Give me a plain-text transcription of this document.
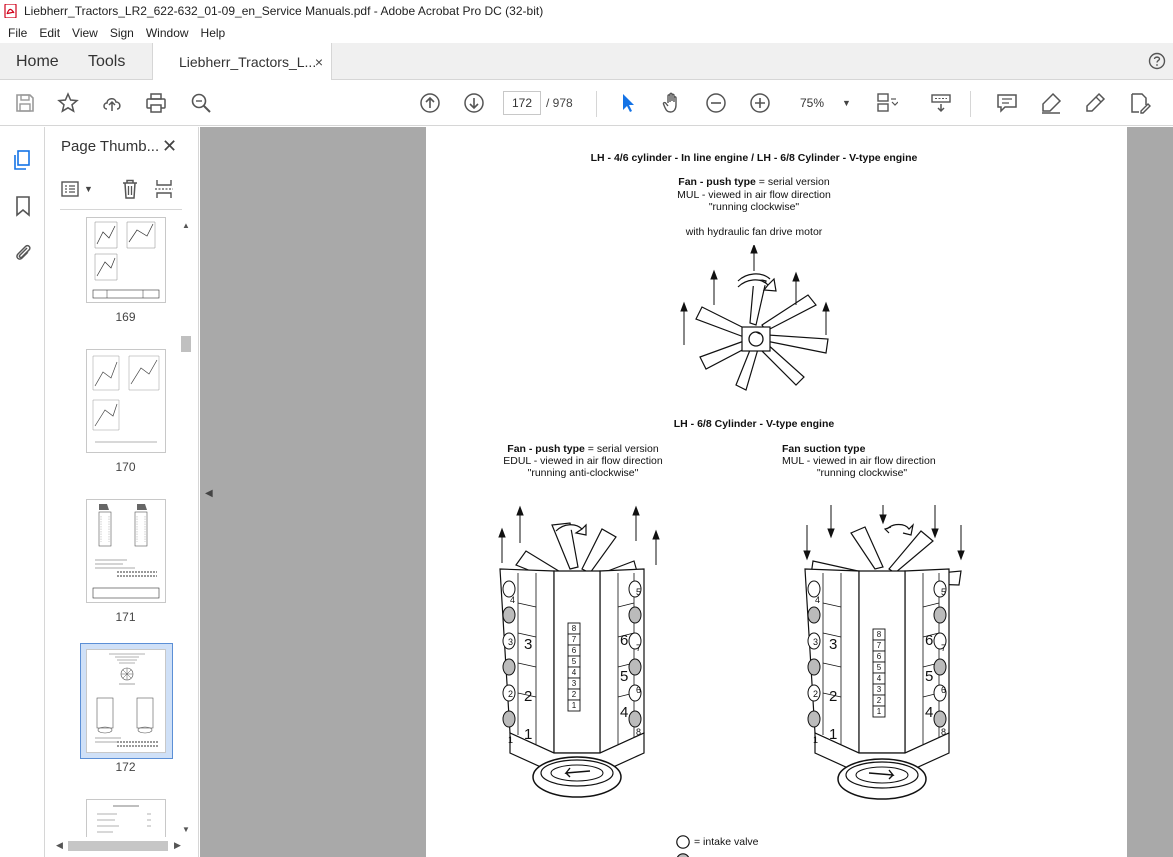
Liebherr_Tractors_LR2_622-632_01-09_en_Service Manuals.pdf - Adobe Acrobat Pro DC (32-bit)
File	Edit	View	Sign	Window	Help
Home Tools	Liebherr_Tractors_L...
×
172
/ 978	75% ▼
Page Thumb... ✕
▼
169
170
171
172
▲
▼
◀	▶
◀
LH - 4/6 cylinder - In line engine / LH - 6/8 Cylinder - V-type engine
Fan - push type = serial version
MUL - viewed in air flow direction
"running clockwise"
with hydraulic fan drive motor
LH - 6/8 Cylinder - V-type engine
Fan - push type = serial version
EDUL - viewed in air flow direction
"running anti-clockwise"
Fan suction type
MUL - viewed in air flow direction
"running clockwise"
8
7
6
5
4
3
2
1
4
3 3
2 2
1 1	8
6 7
5
6
4
5
8
7
6
5
4
3
2
1
4
3 3
2 2
1 1	8
6 7
5
6
4
5
= intake valve
